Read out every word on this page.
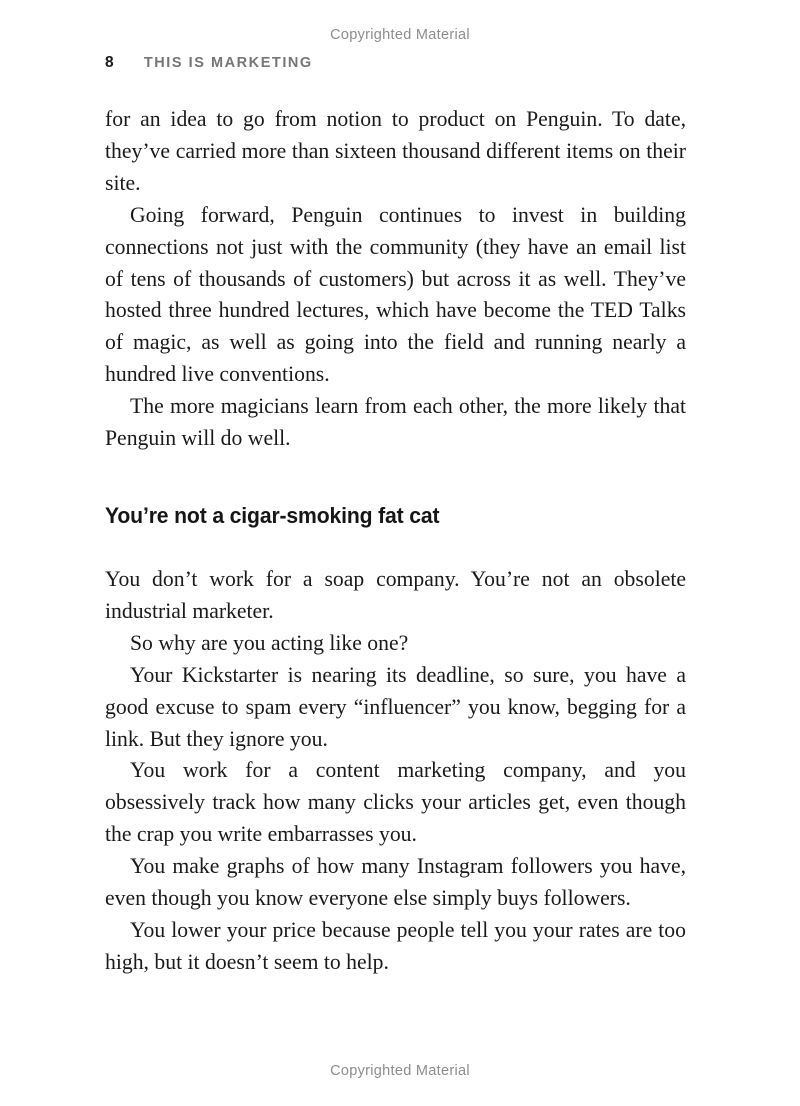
Copyrighted Material
8 THIS IS MARKETING

for an idea to go from notion to product on Penguin. To date, they’ve carried more than sixteen thousand different items on their site.

Going forward, Penguin continues to invest in building connections not just with the community (they have an email list of tens of thousands of customers) but across it as well. They’ve hosted three hundred lectures, which have become the TED Talks of magic, as well as going into the field and running nearly a hundred live conventions.

The more magicians learn from each other, the more likely that Penguin will do well.

You’re not a cigar-smoking fat cat

You don’t work for a soap company. You’re not an obsolete industrial marketer.

So why are you acting like one?

Your Kickstarter is nearing its deadline, so sure, you have a good excuse to spam every “influencer” you know, begging for a link. But they ignore you.

You work for a content marketing company, and you obsessively track how many clicks your articles get, even though the crap you write embarrasses you.

You make graphs of how many Instagram followers you have, even though you know everyone else simply buys followers.

You lower your price because people tell you your rates are too high, but it doesn’t seem to help.

Copyrighted Material
